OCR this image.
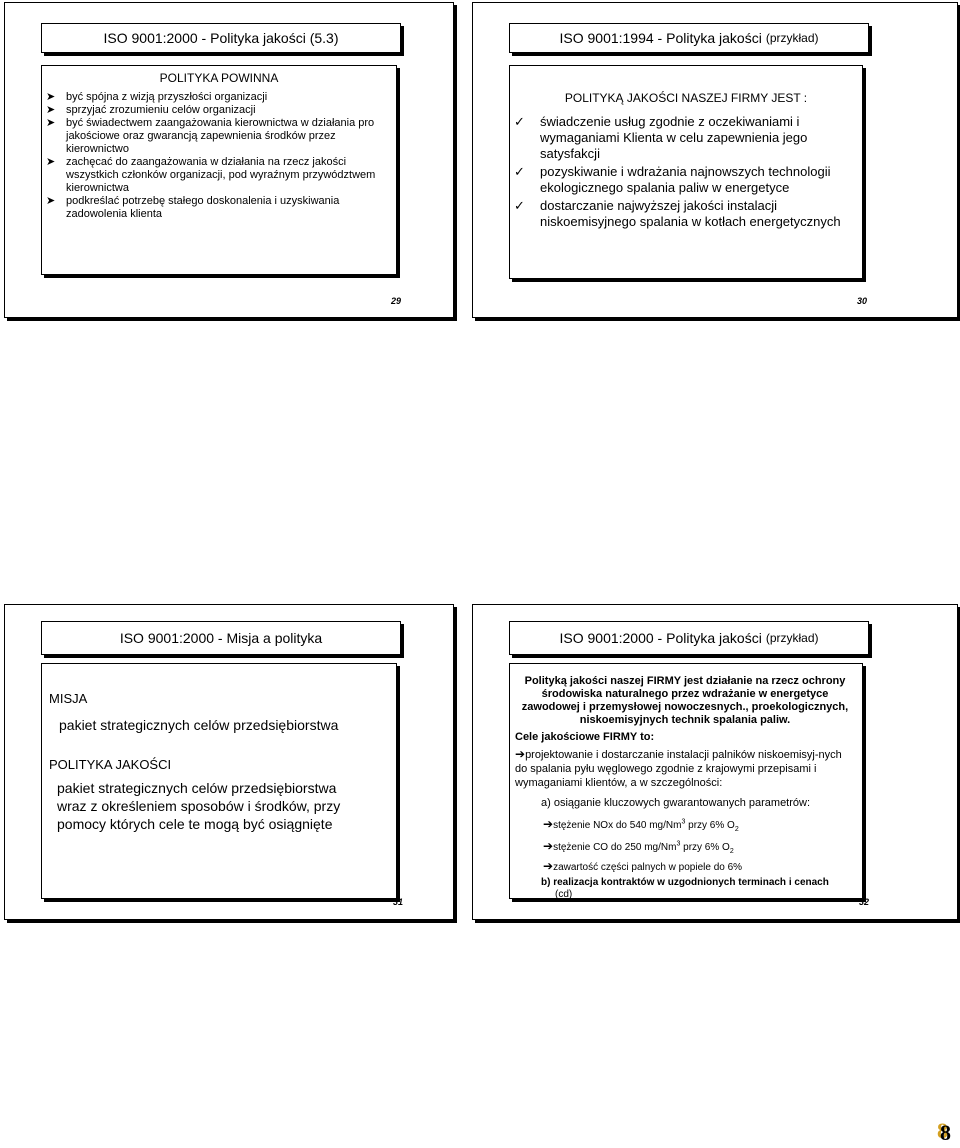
ISO 9001:2000 - Polityka jakości (5.3)
POLITYKA POWINNA
➤ być spójna z wizją przyszłości organizacji
➤ sprzyjać zrozumieniu celów organizacji
➤ być świadectwem zaangażowania kierownictwa w działania pro jakościowe oraz gwarancją zapewnienia środków przez kierownictwo
➤ zachęcać do zaangażowania w działania na rzecz jakości wszystkich członków organizacji, pod wyraźnym przywództwem kierownictwa
➤ podkreślać potrzebę stałego doskonalenia i uzyskiwania zadowolenia klienta
29
ISO 9001:1994 - Polityka jakości (przykład)
POLITYKĄ JAKOŚCI NASZEJ FIRMY JEST :
✓ świadczenie usług zgodnie z oczekiwaniami i wymaganiami Klienta w celu zapewnienia jego satysfakcji
✓ pozyskiwanie i wdrażania najnowszych technologii ekologicznego spalania paliw w energetyce
✓ dostarczanie najwyższej jakości instalacji niskoemisyjnego spalania w kotłach energetycznych
30
ISO 9001:2000 - Misja a polityka
MISJA
pakiet strategicznych celów przedsiębiorstwa
POLITYKA JAKOŚCI
pakiet strategicznych celów przedsiębiorstwa wraz z określeniem sposobów i środków, przy pomocy których cele te mogą być osiągnięte
31
ISO 9001:2000 - Polityka jakości (przykład)
Polityką jakości naszej FIRMY jest działanie na rzecz ochrony środowiska naturalnego przez wdrażanie w energetyce zawodowej i przemysłowej nowoczesnych., proekologicznych, niskoemisyjnych technik spalania paliw.
Cele jakościowe FIRMY to:
➔projektowanie i dostarczanie instalacji palników niskoemisyj-nych do spalania pyłu węglowego zgodnie z krajowymi przepisami i wymaganiami klientów, a w szczególności:
a) osiąganie kluczowych gwarantowanych parametrów:
➔stężenie NOx do 540 mg/Nm$^3$ przy 6% $O_2$
➔stężenie CO do 250 mg/Nm$^3$ przy 6% $O_2$
➔zawartość części palnych w popiele do 6%
b) realizacja kontraktów w uzgodnionych terminach i cenach
(cd)
32
8
